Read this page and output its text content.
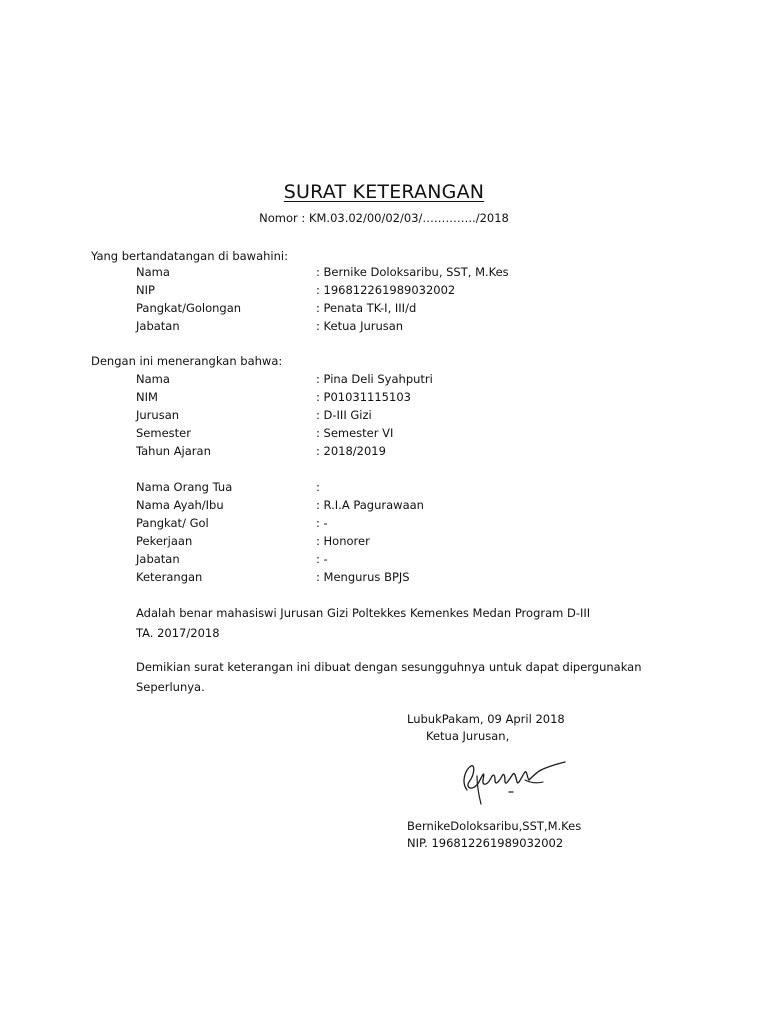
SURAT KETERANGAN
Nomor : KM.03.02/00/02/03/…………../2018
Yang bertandatangan di bawahini:
Nama	: Bernike Doloksaribu, SST, M.Kes
NIP	: 196812261989032002
Pangkat/Golongan	: Penata TK-I, III/d
Jabatan	: Ketua Jurusan
Dengan ini menerangkan bahwa:
Nama	: Pina Deli Syahputri
NIM	: P01031115103
Jurusan	: D-III Gizi
Semester	: Semester VI
Tahun Ajaran	: 2018/2019
Nama Orang Tua	:
Nama Ayah/Ibu	: R.I.A Pagurawaan
Pangkat/ Gol	: -
Pekerjaan	: Honorer
Jabatan	: -
Keterangan	: Mengurus BPJS

Adalah benar mahasiswi Jurusan Gizi Poltekkes Kemenkes Medan Program D-III

TA. 2017/2018

Demikian surat keterangan ini dibuat dengan sesungguhnya untuk dapat dipergunakan

Seperlunya.

LubukPakam, 09 April 2018
Ketua Jurusan,
BernikeDoloksaribu,SST,M.Kes
NIP. 196812261989032002
